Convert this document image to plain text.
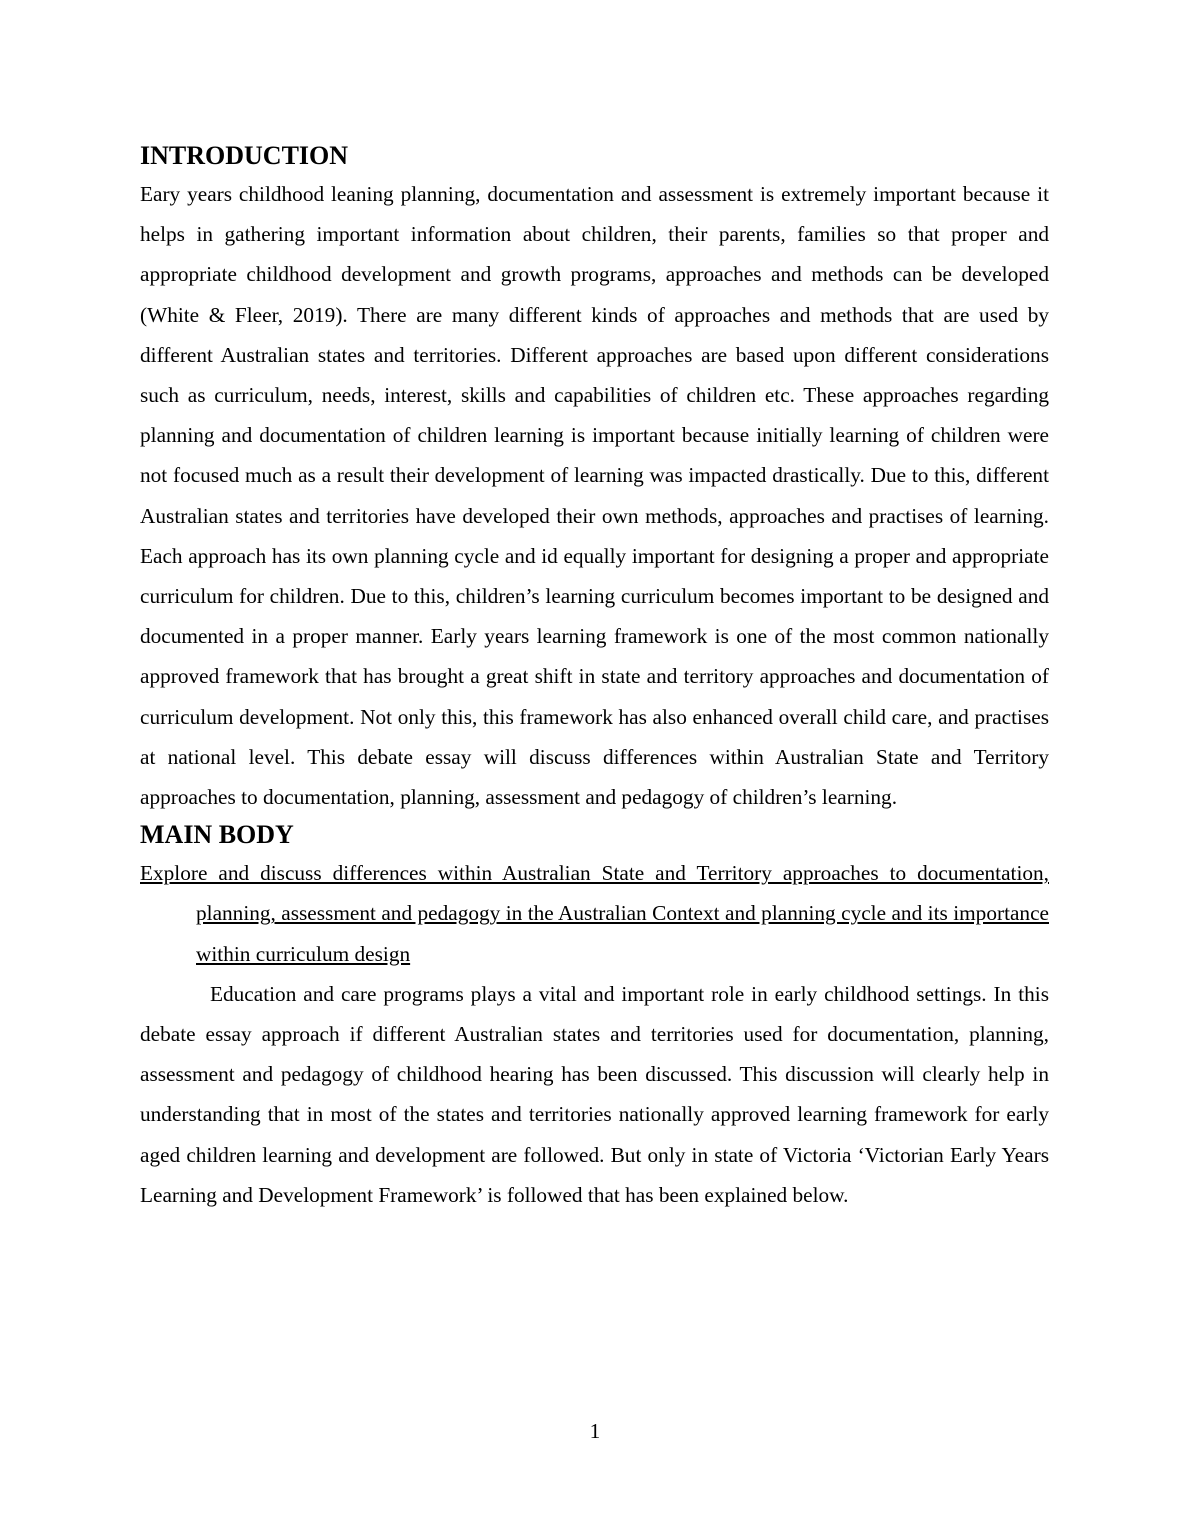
INTRODUCTION

Eary years childhood leaning planning, documentation and assessment is extremely important because it helps in gathering important information about children, their parents, families so that proper and appropriate childhood development and growth programs, approaches and methods can be developed (White & Fleer, 2019). There are many different kinds of approaches and methods that are used by different Australian states and territories. Different approaches are based upon different considerations such as curriculum, needs, interest, skills and capabilities of children etc. These approaches regarding planning and documentation of children learning is important because initially learning of children were not focused much as a result their development of learning was impacted drastically. Due to this, different Australian states and territories have developed their own methods, approaches and practises of learning. Each approach has its own planning cycle and id equally important for designing a proper and appropriate curriculum for children. Due to this, children’s learning curriculum becomes important to be designed and documented in a proper manner. Early years learning framework is one of the most common nationally approved framework that has brought a great shift in state and territory approaches and documentation of curriculum development. Not only this, this framework has also enhanced overall child care, and practises at national level. This debate essay will discuss differences within Australian State and Territory approaches to documentation, planning, assessment and pedagogy of children’s learning.

MAIN BODY

Explore and discuss differences within Australian State and Territory approaches to documentation, planning, assessment and pedagogy in the Australian Context and planning cycle and its importance within curriculum design

Education and care programs plays a vital and important role in early childhood settings. In this debate essay approach if different Australian states and territories used for documentation, planning, assessment and pedagogy of childhood hearing has been discussed. This discussion will clearly help in understanding that in most of the states and territories nationally approved learning framework for early aged children learning and development are followed. But only in state of Victoria ‘Victorian Early Years Learning and Development Framework’ is followed that has been explained below.

1
